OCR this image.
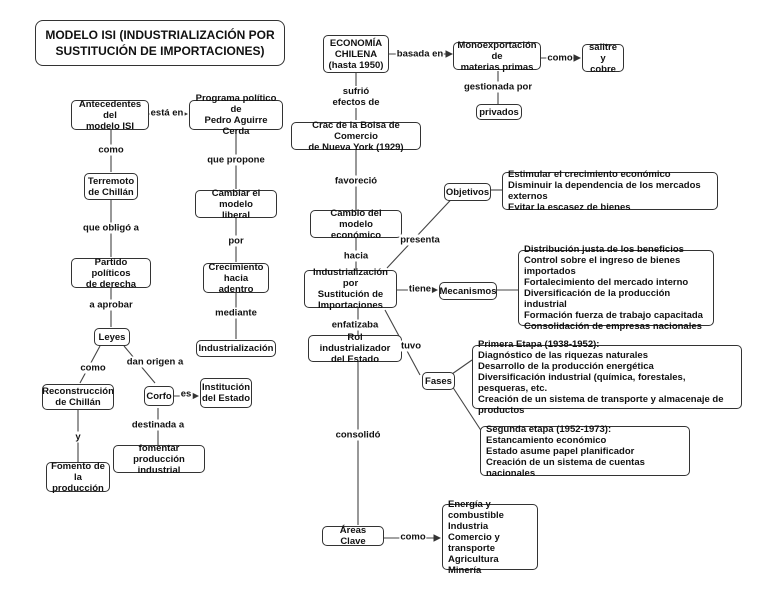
MODELO ISI (INDUSTRIALIZACIÓN POR
SUSTITUCIÓN DE IMPORTACIONES)
ECONOMÍA
CHILENA
(hasta 1950)
Monoexportación de
materias primas
salitre y
cobre
privados
Crac de la Bolsa de Comercio
de Nueva York (1929)
Antecedentes del
modelo ISI
Programa político de
Pedro Aguirre Cerda
Terremoto
de Chillán	Cambiar el modelo
liberal
Partido políticos
de derecha
Crecimiento
hacia adentro
Industrialización
Leyes
Reconstrucción
de Chillán
Corfo
Institución
del Estado
fomentar producción
industrial
Fomento de la
producción
Cambio del
modelo económico
Industrialización por
Sustitución de
Importaciones
Objetivos
Estimular el crecimiento económico
Disminuir la dependencia de los mercados externos
Evitar la escasez de bienes
Mecanismos
Distribución justa de los beneficios
Control sobre el ingreso de bienes importados
Fortalecimiento del mercado interno
Diversificación de la producción industrial
Formación fuerza de trabajo capacitada
Consolidación de empresas nacionales
Rol industrializador
del Estado
Fases
Primera Etapa (1938-1952):
Diagnóstico de las riquezas naturales
Desarrollo de la producción energética
Diversificación industrial (química, forestales, pesqueras, etc.
Creación de un sistema de transporte y almacenaje de productos
Segunda etapa (1952-1973):
Estancamiento económico
Estado asume papel planificador
Creación de un sistema de cuentas nacionales
Áreas Clave
Energía y combustible
Industria
Comercio y transporte
Agricultura
Minería
basada en	como
gestionada por
sufrió
efectos de
está en
como
que propone
que obligó a
por
a aprobar
mediante
como
dan origen a
es
destinada a
y
favoreció
hacia
presenta
tiene
enfatizaba
tuvo
consolidó
como
